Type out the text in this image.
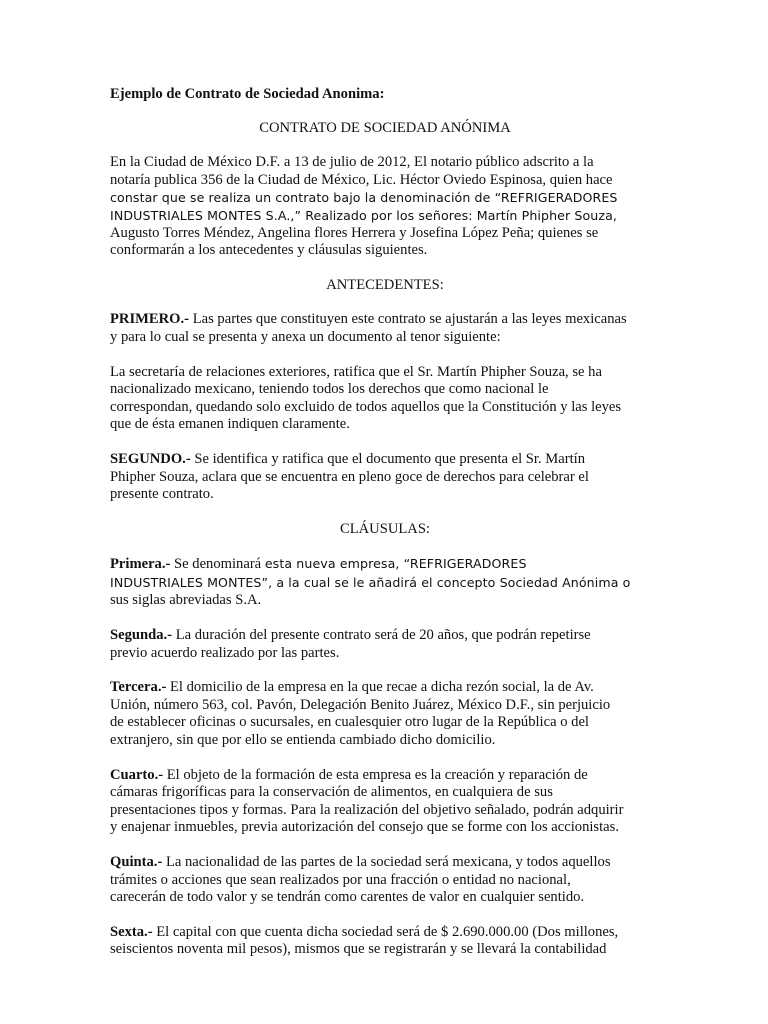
Ejemplo de Contrato de Sociedad Anonima:

CONTRATO DE SOCIEDAD ANÓNIMA

En la Ciudad de México D.F. a 13 de julio de 2012, El notario público adscrito a la

notaría publica 356 de la Ciudad de México, Lic. Héctor Oviedo Espinosa, quien hace

constar que se realiza un contrato bajo la denominación de “REFRIGERADORES

INDUSTRIALES MONTES S.A.,” Realizado por los señores: Martín Phipher Souza,

Augusto Torres Méndez, Angelina flores Herrera y Josefina López Peña; quienes se

conformarán a los antecedentes y cláusulas siguientes.

ANTECEDENTES:

PRIMERO.- Las partes que constituyen este contrato se ajustarán a las leyes mexicanas

y para lo cual se presenta y anexa un documento al tenor siguiente:

La secretaría de relaciones exteriores, ratifica que el Sr. Martín Phipher Souza, se ha

nacionalizado mexicano, teniendo todos los derechos que como nacional le

correspondan, quedando solo excluido de todos aquellos que la Constitución y las leyes

que de ésta emanen indiquen claramente.

SEGUNDO.- Se identifica y ratifica que el documento que presenta el Sr. Martín

Phipher Souza, aclara que se encuentra en pleno goce de derechos para celebrar el

presente contrato.

CLÁUSULAS:

Primera.- Se denominará esta nueva empresa, “REFRIGERADORES

INDUSTRIALES MONTES”, a la cual se le añadirá el concepto Sociedad Anónima o

sus siglas abreviadas S.A.

Segunda.- La duración del presente contrato será de 20 años, que podrán repetirse

previo acuerdo realizado por las partes.

Tercera.- El domicilio de la empresa en la que recae a dicha rezón social, la de Av.

Unión, número 563, col. Pavón, Delegación Benito Juárez, México D.F., sin perjuicio

de establecer oficinas o sucursales, en cualesquier otro lugar de la República o del

extranjero, sin que por ello se entienda cambiado dicho domicilio.

Cuarto.- El objeto de la formación de esta empresa es la creación y reparación de

cámaras frigoríficas para la conservación de alimentos, en cualquiera de sus

presentaciones tipos y formas. Para la realización del objetivo señalado, podrán adquirir

y enajenar inmuebles, previa autorización del consejo que se forme con los accionistas.

Quinta.- La nacionalidad de las partes de la sociedad será mexicana, y todos aquellos

trámites o acciones que sean realizados por una fracción o entidad no nacional,

carecerán de todo valor y se tendrán como carentes de valor en cualquier sentido.

Sexta.- El capital con que cuenta dicha sociedad será de $ 2.690.000.00 (Dos millones,

seiscientos noventa mil pesos), mismos que se registrarán y se llevará la contabilidad
